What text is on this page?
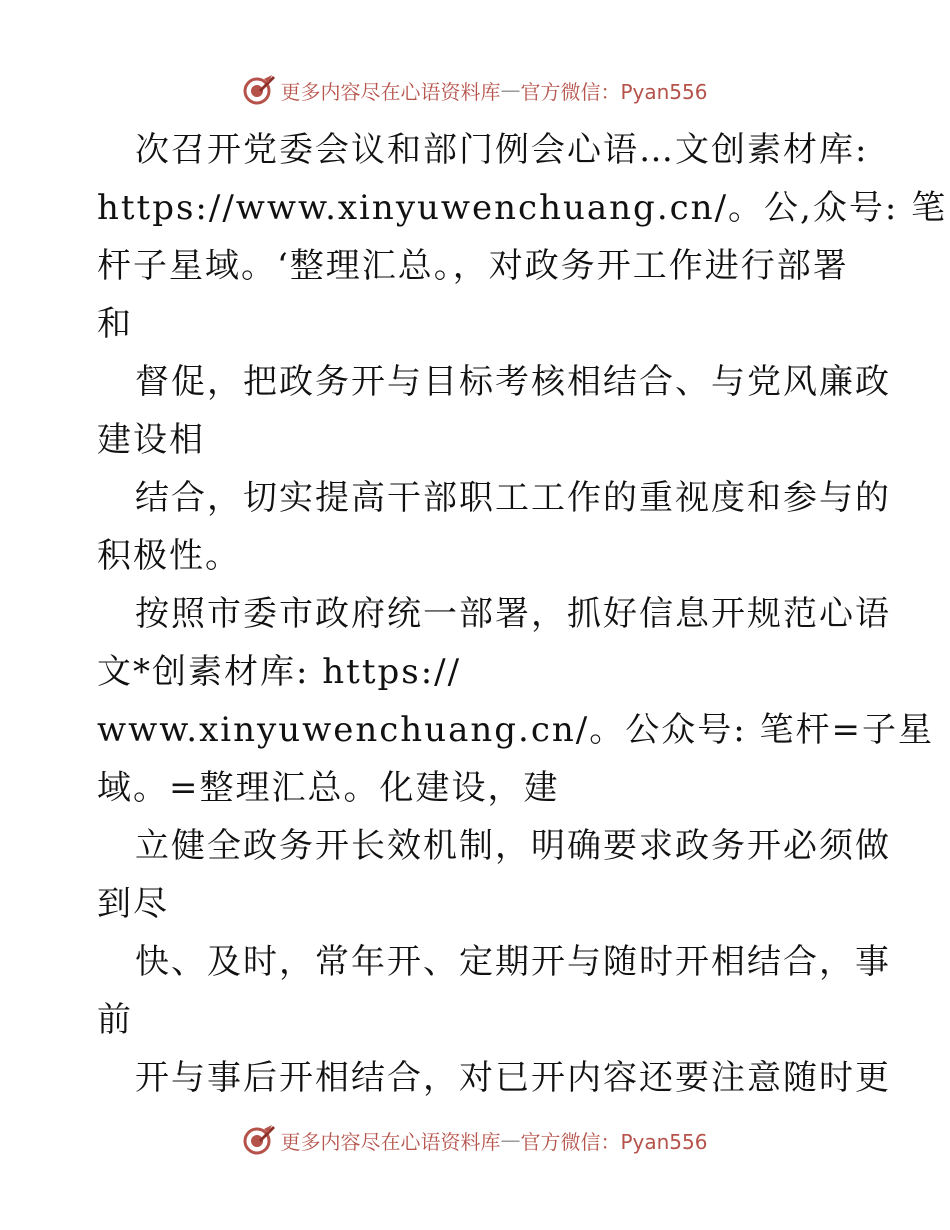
更多内容尽在心语资料库 — 官方微信：Pyan556
次召开党委会议和部门例会心语…文创素材库:
https://www.xinyuwenchuang.cn/。公,众号: 笔
杆子星域。‘整理汇总。，对政务开工作进行部署
和
督促，把政务开与目标考核相结合、与党风廉政
建设相
结合，切实提高干部职工工作的重视度和参与的
积极性。
按照市委市政府统一部署，抓好信息开规范心语
文*创素材库: https://
www.xinyuwenchuang.cn/。公众号: 笔杆=子星
域。=整理汇总。化建设，建
立健全政务开长效机制，明确要求政务开必须做
到尽
快、及时，常年开、定期开与随时开相结合，事
前
开与事后开相结合，对已开内容还要注意随时更
更多内容尽在心语资料库 — 官方微信：Pyan556
